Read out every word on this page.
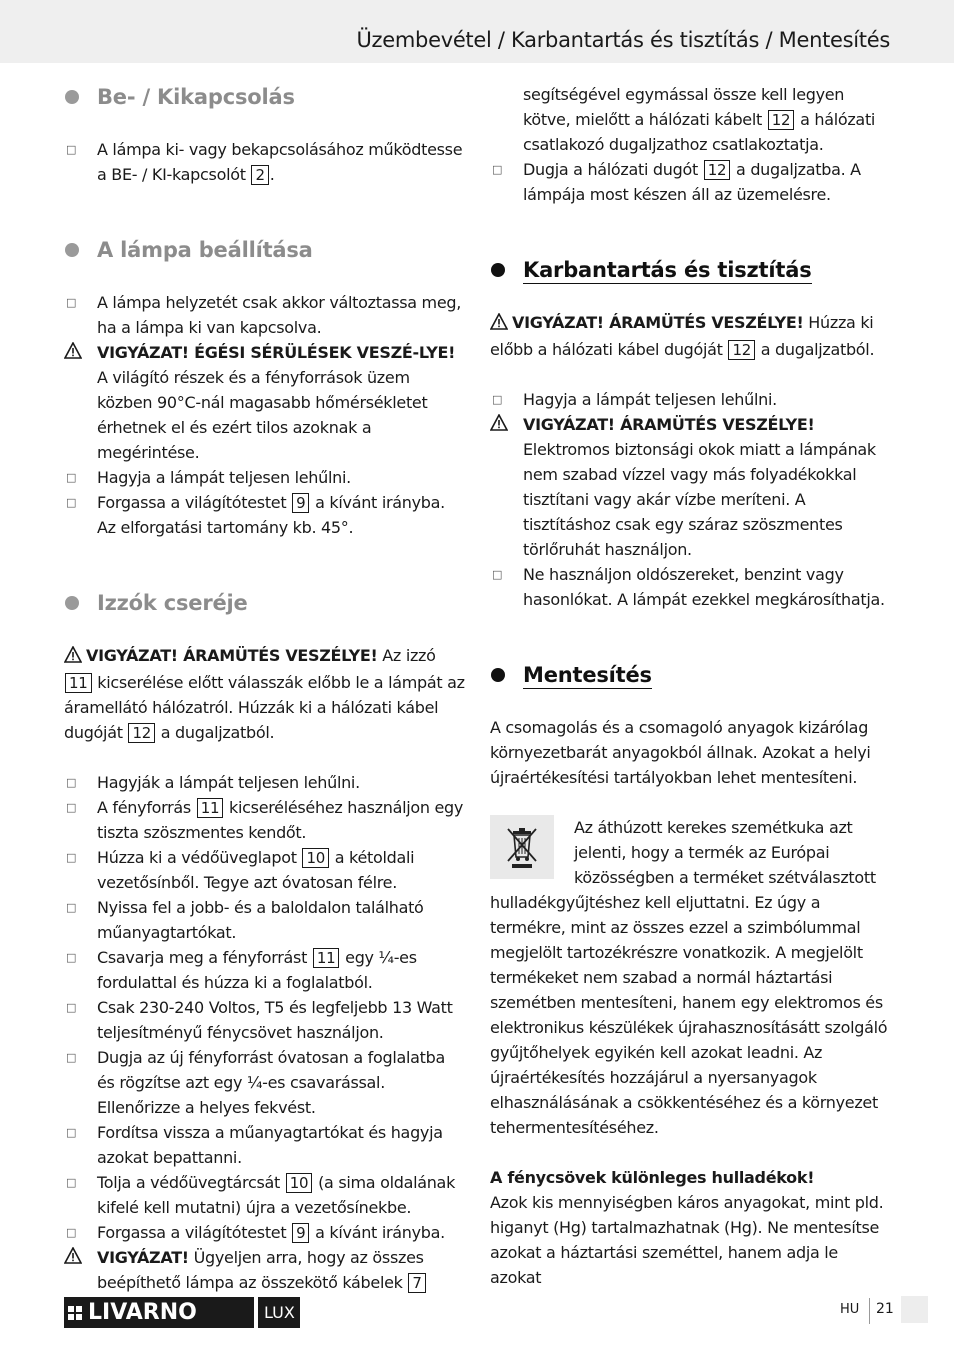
Üzembevétel / Karbantartás és tisztítás / Mentesítés
Be- / Kikapcsolás
□ A lámpa ki- vagy bekapcsolásához működtesse a BE- / KI-kapcsolót 2 .
A lámpa beállítása
□ A lámpa helyzetét csak akkor változtassa meg, ha a lámpa ki van kapcsolva.
VIGYÁZAT! ÉGÉSI SÉRÜLÉSEK VESZÉ-LYE! A világító részek és a fényforrások üzem közben 90°C-nál magasabb hőmérsékletet érhetnek el és ezért tilos azoknak a megérintése.
□ Hagyja a lámpát teljesen lehűlni.
□ Forgassa a világítótestet 9 a kívánt irányba. Az elforgatási tartomány kb. 45°.
Izzók cseréje
VIGYÁZAT! ÁRAMÜTÉS VESZÉLYE! Az izzó 11 kicserélése előtt válasszák előbb le a lámpát az áramellátó hálózatról. Húzzák ki a hálózati kábel dugóját 12 a dugaljzatból.
□ Hagyják a lámpát teljesen lehűlni.
□ A fényforrás 11 kicseréléséhez használjon egy tiszta szöszmentes kendőt.
□ Húzza ki a védőüveglapot 10 a kétoldali vezetősínből. Tegye azt óvatosan félre.
□ Nyissa fel a jobb- és a baloldalon található műanyagtartókat.
□ Csavarja meg a fényforrást 11 egy ¼-es fordulattal és húzza ki a foglalatból.
□ Csak 230-240 Voltos, T5 és legfeljebb 13 Watt teljesítményű fénycsövet használjon.
□ Dugja az új fényforrást óvatosan a foglalatba és rögzítse azt egy ¼-es csavarással. Ellenőrizze a helyes fekvést.
□ Fordítsa vissza a műanyagtartókat és hagyja azokat bepattanni.
□ Tolja a védőüvegtárcsát 10 (a sima oldalának kifelé kell mutatni) újra a vezetősínekbe.
□ Forgassa a világítótestet 9 a kívánt irányba.
VIGYÁZAT! Ügyeljen arra, hogy az összes beépíthető lámpa az összekötő kábelek 7
segítségével egymással össze kell legyen kötve, mielőtt a hálózati kábelt 12 a hálózati csatlakozó dugaljzathoz csatlakoztatja.
□ Dugja a hálózati dugót 12 a dugaljzatba. A lámpája most készen áll az üzemelésre.
Karbantartás és tisztítás
VIGYÁZAT! ÁRAMÜTÉS VESZÉLYE! Húzza ki előbb a hálózati kábel dugóját 12 a dugaljzatból.
□ Hagyja a lámpát teljesen lehűlni.
VIGYÁZAT! ÁRAMÜTÉS VESZÉLYE!
Elektromos biztonsági okok miatt a lámpának nem szabad vízzel vagy más folyadékokkal tisztítani vagy akár vízbe meríteni. A tisztításhoz csak egy száraz szöszmentes törlőruhát használjon.
□ Ne használjon oldószereket, benzint vagy hasonlókat. A lámpát ezekkel megkárosíthatja.
Mentesítés
A csomagolás és a csomagoló anyagok kizárólag környezetbarát anyagokból állnak. Azokat a helyi újraértékesítési tartályokban lehet mentesíteni.
Az áthúzott kerekes szemétkuka azt jelenti, hogy a termék az Európai közösségben a terméket szétválasztott hulladékgyűjtéshez kell eljuttatni. Ez úgy a termékre, mint az összes ezzel a szimbólummal megjelölt tartozékrészre vonatkozik. A megjelölt termékeket nem szabad a normál háztartási szemétben mentesíteni, hanem egy elektromos és elektronikus készülékek újrahasznosításátt szolgáló gyűjtőhelyek egyikén kell azokat leadni. Az újraértékesítés hozzájárul a nyersanyagok elhasználásának a csökkentéséhez és a környezet tehermentesítéséhez.
A fénycsövek különleges hulladékok!
Azok kis mennyiségben káros anyagokat, mint pld. higanyt (Hg) tartalmazhatnak (Hg). Ne mentesítse azokat a háztartási szeméttel, hanem adja le azokat
LIVARNO	LUX	HU 21
